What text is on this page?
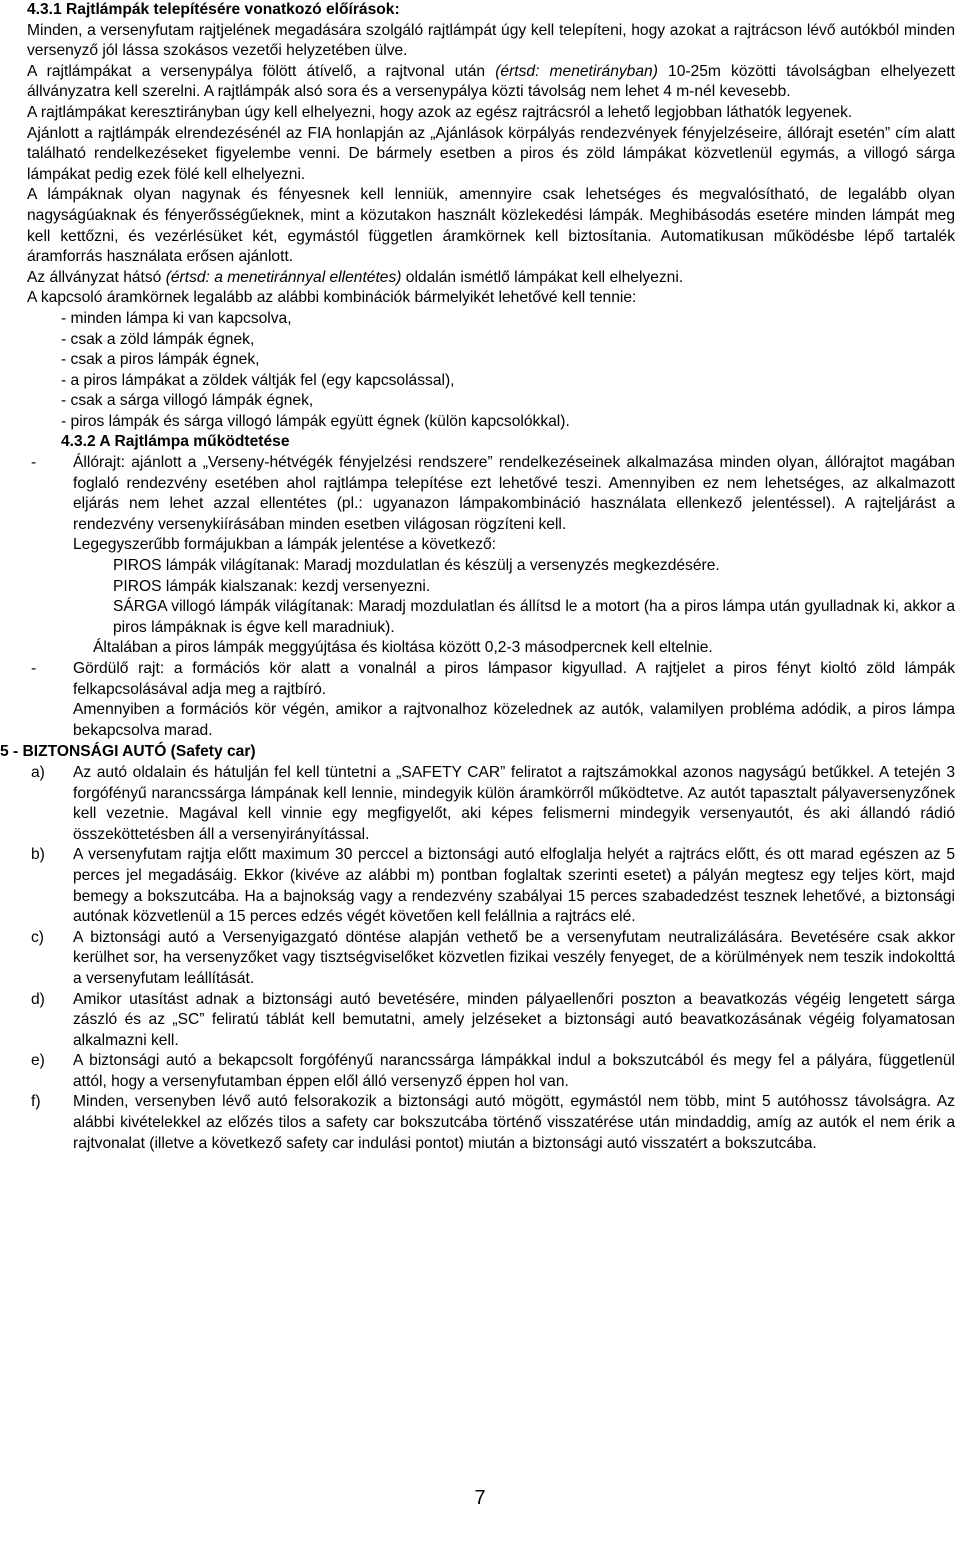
4.3.1 Rajtlámpák telepítésére vonatkozó előírások:

Minden, a versenyfutam rajtjelének megadására szolgáló rajtlámpát úgy kell telepíteni, hogy azokat a rajtrácson lévő autókból minden versenyző jól lássa szokásos vezetői helyzetében ülve.

A rajtlámpákat a versenypálya fölött átívelő, a rajtvonal után (értsd: menetirányban) 10-25m közötti távolságban elhelyezett állványzatra kell szerelni. A rajtlámpák alsó sora és a versenypálya közti távolság nem lehet 4 m-nél kevesebb.

A rajtlámpákat keresztirányban úgy kell elhelyezni, hogy azok az egész rajtrácsról a lehető legjobban láthatók legyenek.

Ajánlott a rajtlámpák elrendezésénél az FIA honlapján az „Ajánlások körpályás rendezvények fényjelzéseire, állórajt esetén” cím alatt található rendelkezéseket figyelembe venni. De bármely esetben a piros és zöld lámpákat közvetlenül egymás, a villogó sárga lámpákat pedig ezek fölé kell elhelyezni.

A lámpáknak olyan nagynak és fényesnek kell lenniük, amennyire csak lehetséges és megvalósítható, de legalább olyan nagyságúaknak és fényerősségűeknek, mint a közutakon használt közlekedési lámpák. Meghibásodás esetére minden lámpát meg kell kettőzni, és vezérlésüket két, egymástól független áramkörnek kell biztosítania. Automatikusan működésbe lépő tartalék áramforrás használata erősen ajánlott.

Az állványzat hátsó (értsd: a menetiránnyal ellentétes) oldalán ismétlő lámpákat kell elhelyezni.

A kapcsoló áramkörnek legalább az alábbi kombinációk bármelyikét lehetővé kell tennie:

- minden lámpa ki van kapcsolva,
- csak a zöld lámpák égnek,
- csak a piros lámpák égnek,
- a piros lámpákat a zöldek váltják fel (egy kapcsolással),
- csak a sárga villogó lámpák égnek,
- piros lámpák és sárga villogó lámpák együtt égnek (külön kapcsolókkal).

4.3.2 A Rajtlámpa működtetése

-	Állórajt: ajánlott a „Verseny-hétvégék fényjelzési rendszere” rendelkezéseinek alkalmazása minden olyan, állórajtot magában foglaló rendezvény esetében ahol rajtlámpa telepítése ezt lehetővé teszi. Amennyiben ez nem lehetséges, az alkalmazott eljárás nem lehet azzal ellentétes (pl.: ugyanazon lámpakombináció használata ellenkező jelentéssel). A rajteljárást a rendezvény versenykiírásában minden esetben világosan rögzíteni kell.

Legegyszerűbb formájukban a lámpák jelentése a következő:

PIROS lámpák világítanak: Maradj mozdulatlan és készülj a versenyzés megkezdésére.

PIROS lámpák kialszanak: kezdj versenyezni.

SÁRGA villogó lámpák világítanak: Maradj mozdulatlan és állítsd le a motort (ha a piros lámpa után gyulladnak ki, akkor a piros lámpáknak is égve kell maradniuk).

Általában a piros lámpák meggyújtása és kioltása között 0,2-3 másodpercnek kell eltelnie.

-	Gördülő rajt: a formációs kör alatt a vonalnál a piros lámpasor kigyullad. A rajtjelet a piros fényt kioltó zöld lámpák felkapcsolásával adja meg a rajtbíró.

Amennyiben a formációs kör végén, amikor a rajtvonalhoz közelednek az autók, valamilyen probléma adódik, a piros lámpa bekapcsolva marad.

5 - BIZTONSÁGI AUTÓ (Safety car)

a)	Az autó oldalain és hátulján fel kell tüntetni a „SAFETY CAR” feliratot a rajtszámokkal azonos nagyságú betűkkel. A tetején 3 forgófényű narancssárga lámpának kell lennie, mindegyik külön áramkörről működtetve. Az autót tapasztalt pályaversenyzőnek kell vezetnie. Magával kell vinnie egy megfigyelőt, aki képes felismerni mindegyik versenyautót, és aki állandó rádió összeköttetésben áll a versenyirányítással.

b)	A versenyfutam rajtja előtt maximum 30 perccel a biztonsági autó elfoglalja helyét a rajtrács előtt, és ott marad egészen az 5 perces jel megadásáig. Ekkor (kivéve az alábbi m) pontban foglaltak szerinti esetet) a pályán megtesz egy teljes kört, majd bemegy a bokszutcába. Ha a bajnokság vagy a rendezvény szabályai 15 perces szabadedzést tesznek lehetővé, a biztonsági autónak közvetlenül a 15 perces edzés végét követően kell felállnia a rajtrács elé.

c)	A biztonsági autó a Versenyigazgató döntése alapján vethető be a versenyfutam neutralizálására. Bevetésére csak akkor kerülhet sor, ha versenyzőket vagy tisztségviselőket közvetlen fizikai veszély fenyeget, de a körülmények nem teszik indokolttá a versenyfutam leállítását.

d)	Amikor utasítást adnak a biztonsági autó bevetésére, minden pályaellenőri poszton a beavatkozás végéig lengetett sárga zászló és az „SC” feliratú táblát kell bemutatni, amely jelzéseket a biztonsági autó beavatkozásának végéig folyamatosan alkalmazni kell.

e)	A biztonsági autó a bekapcsolt forgófényű narancssárga lámpákkal indul a bokszutcából és megy fel a pályára, függetlenül attól, hogy a versenyfutamban éppen elől álló versenyző éppen hol van.

f)	Minden, versenyben lévő autó felsorakozik a biztonsági autó mögött, egymástól nem több, mint 5 autóhossz távolságra. Az alábbi kivételekkel az előzés tilos a safety car bokszutcába történő visszatérése után mindaddig, amíg az autók el nem érik a rajtvonalat (illetve a következő safety car indulási pontot) miután a biztonsági autó visszatért a bokszutcába.

7
